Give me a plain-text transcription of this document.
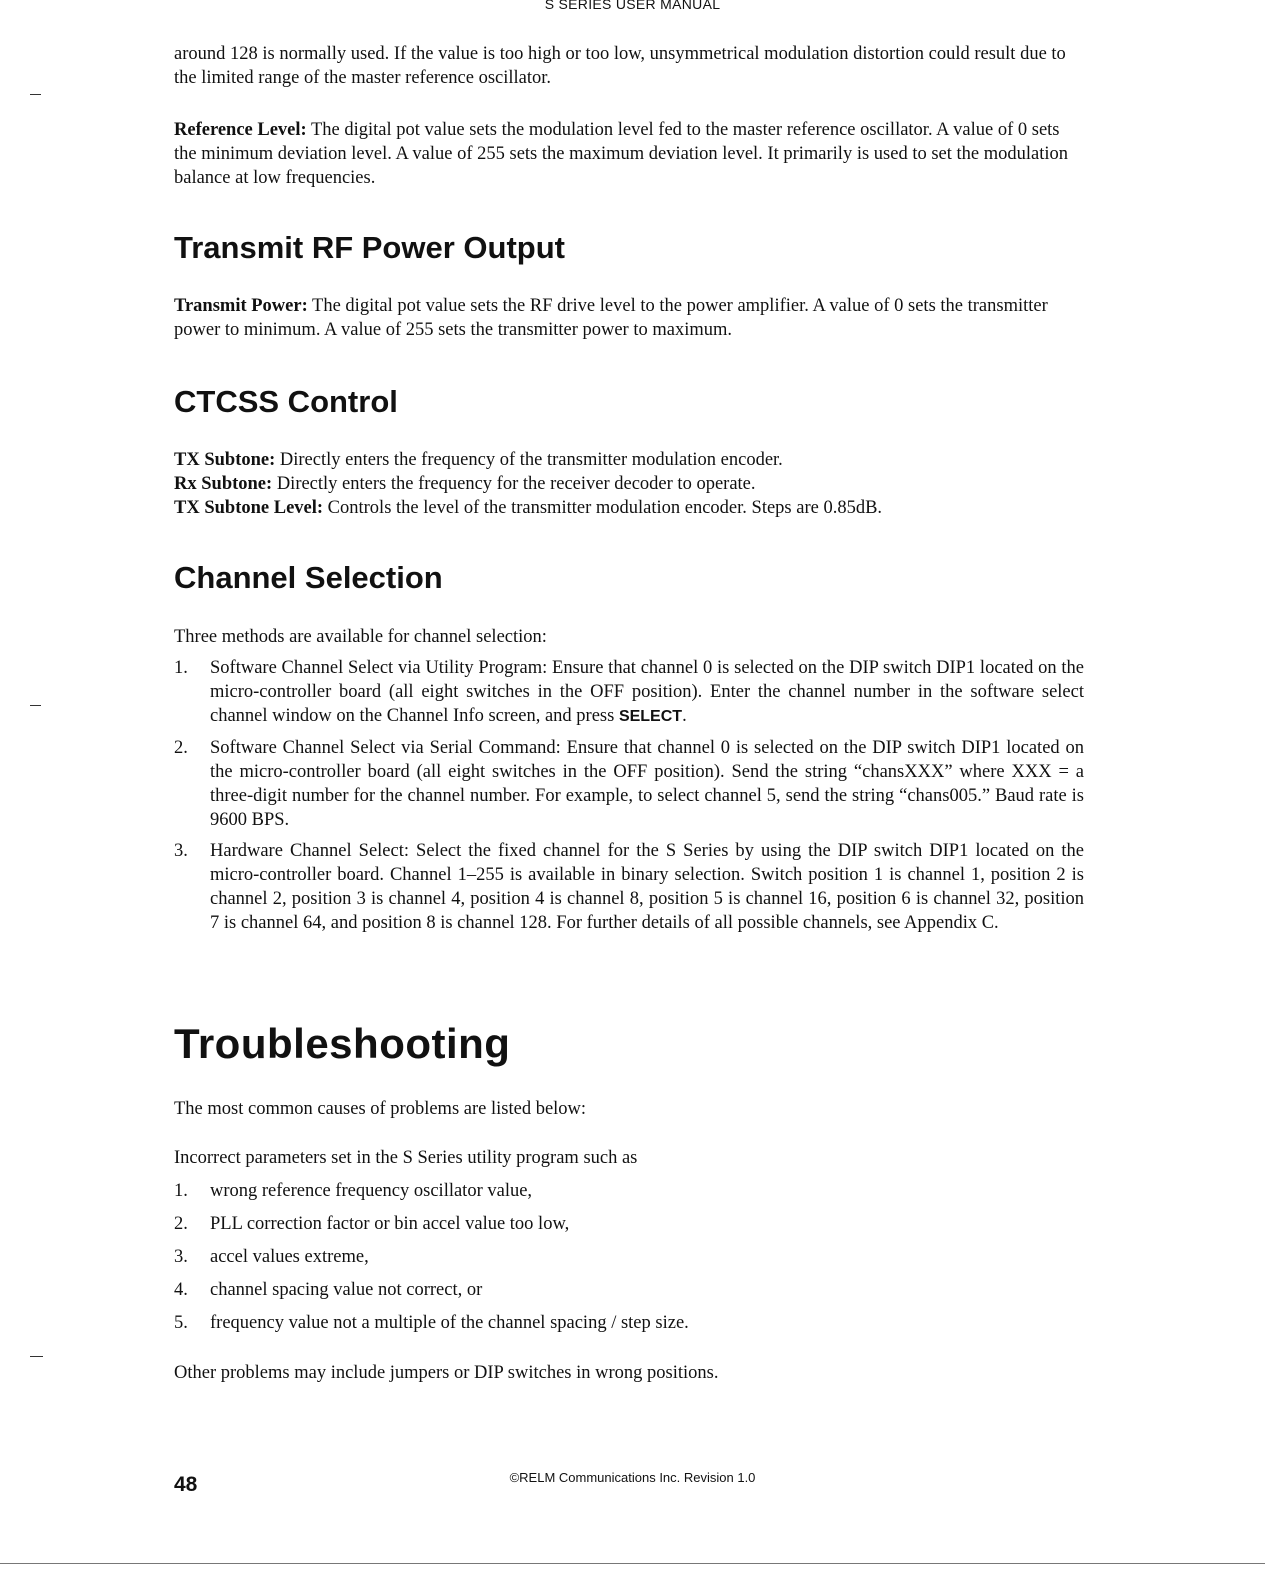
S SERIES USER MANUAL

around 128 is normally used. If the value is too high or too low, unsymmetrical modulation distortion could result due to the limited range of the master reference oscillator.

Reference Level: The digital pot value sets the modulation level fed to the master reference oscillator. A value of 0 sets the minimum deviation level. A value of 255 sets the maximum deviation level. It primarily is used to set the modulation balance at low frequencies.

Transmit RF Power Output

Transmit Power: The digital pot value sets the RF drive level to the power amplifier. A value of 0 sets the transmitter power to minimum. A value of 255 sets the transmitter power to maximum.

CTCSS Control
TX Subtone: Directly enters the frequency of the transmitter modulation encoder.
Rx Subtone: Directly enters the frequency for the receiver decoder to operate.
TX Subtone Level: Controls the level of the transmitter modulation encoder. Steps are 0.85dB.
Channel Selection

Three methods are available for channel selection:

1. Software Channel Select via Utility Program: Ensure that channel 0 is selected on the DIP switch DIP1 located on the micro-controller board (all eight switches in the OFF position). Enter the channel number in the software select channel window on the Channel Info screen, and press SELECT.
2. Software Channel Select via Serial Command: Ensure that channel 0 is selected on the DIP switch DIP1 located on the micro-controller board (all eight switches in the OFF position). Send the string “chansXXX” where XXX = a three-digit number for the channel number. For example, to select channel 5, send the string “chans005.” Baud rate is 9600 BPS.
3. Hardware Channel Select: Select the fixed channel for the S Series by using the DIP switch DIP1 located on the micro-controller board. Channel 1–255 is available in binary selection. Switch position 1 is channel 1, position 2 is channel 2, position 3 is channel 4, position 4 is channel 8, position 5 is channel 16, position 6 is channel 32, position 7 is channel 64, and position 8 is channel 128. For further details of all possible channels, see Appendix C.
Troubleshooting

The most common causes of problems are listed below:

Incorrect parameters set in the S Series utility program such as

1. wrong reference frequency oscillator value,
2. PLL correction factor or bin accel value too low,
3. accel values extreme,
4. channel spacing value not correct, or
5. frequency value not a multiple of the channel spacing / step size.

Other problems may include jumpers or DIP switches in wrong positions.

48	©RELM Communications Inc. Revision 1.0
